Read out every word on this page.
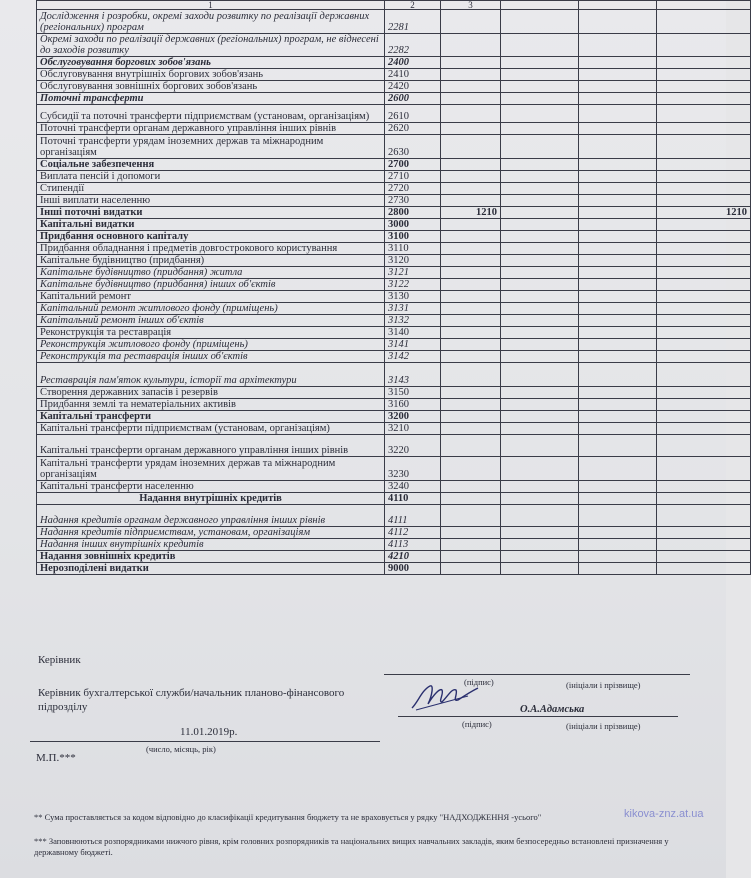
1	2	3			
Дослідження і розробки, окремі заходи розвитку по реалізації державних (регіональних) програм	2281				
Окремі заходи по реалізації державних (регіональних) програм, не віднесені до заходів розвитку	2282				
Обслуговування боргових зобов'язань	2400				
Обслуговування внутрішніх боргових зобов'язань	2410				
Обслуговування зовнішніх боргових зобов'язань	2420				
Поточні трансферти	2600				
Субсидії та поточні трансферти підприємствам (установам, організаціям)	2610				
Поточні трансферти органам державного управління інших рівнів	2620				
Поточні трансферти урядам іноземних держав та міжнародним організаціям	2630				
Соціальне забезпечення	2700				
Виплата пенсій і допомоги	2710				
Стипендії	2720				
Інші виплати населенню	2730				
Інші поточні видатки	2800	1210			1210
Капітальні видатки	3000				
Придбання основного капіталу	3100				
Придбання обладнання і предметів довгострокового користування	3110				
Капітальне будівництво (придбання)	3120				
Капітальне будівництво (придбання) житла	3121				
Капітальне будівництво (придбання) інших об'єктів	3122				
Капітальний ремонт	3130				
Капітальний ремонт житлового фонду (приміщень)	3131				
Капітальний ремонт інших об'єктів	3132				
Реконструкція та реставрація	3140				
Реконструкція житлового фонду (приміщень)	3141				
Реконструкція та реставрація інших об'єктів	3142				
Реставрація пам'яток культури, історії та архітектури	3143				
Створення державних запасів і резервів	3150				
Придбання землі та нематеріальних активів	3160				
Капітальні трансферти	3200				
Капітальні трансферти підприємствам (установам, організаціям)	3210				
Капітальні трансферти органам державного управління інших рівнів	3220				
Капітальні трансферти урядам іноземних держав та міжнародним організаціям	3230				
Капітальні трансферти населенню	3240				
Надання внутрішніх кредитів	4110				
Надання кредитів органам державного управління інших рівнів	4111				
Надання кредитів підприємствам, установам, організаціям	4112				
Надання інших внутрішніх кредитів	4113				
Надання зовнішніх кредитів	4210				
Нерозподілені видатки	9000				
Керівник
(підпис)	(ініціали і прізвище)
Керівник бухгалтерської служби/начальник планово-фінансового підрозділу	О.А.Адамська
(підпис)	(ініціали і прізвище)
11.01.2019р.
(число, місяць, рік)
М.П.***
** Сума проставляється за кодом відповідно до класифікації кредитування бюджету та не враховується у рядку "НАДХОДЖЕННЯ -усього"
*** Заповнюються розпорядниками нижчого рівня, крім головних розпорядників та національних вищих навчальних закладів, яким безпосередньо встановлені призначення у державному бюджеті.
kikova-znz.at.ua
